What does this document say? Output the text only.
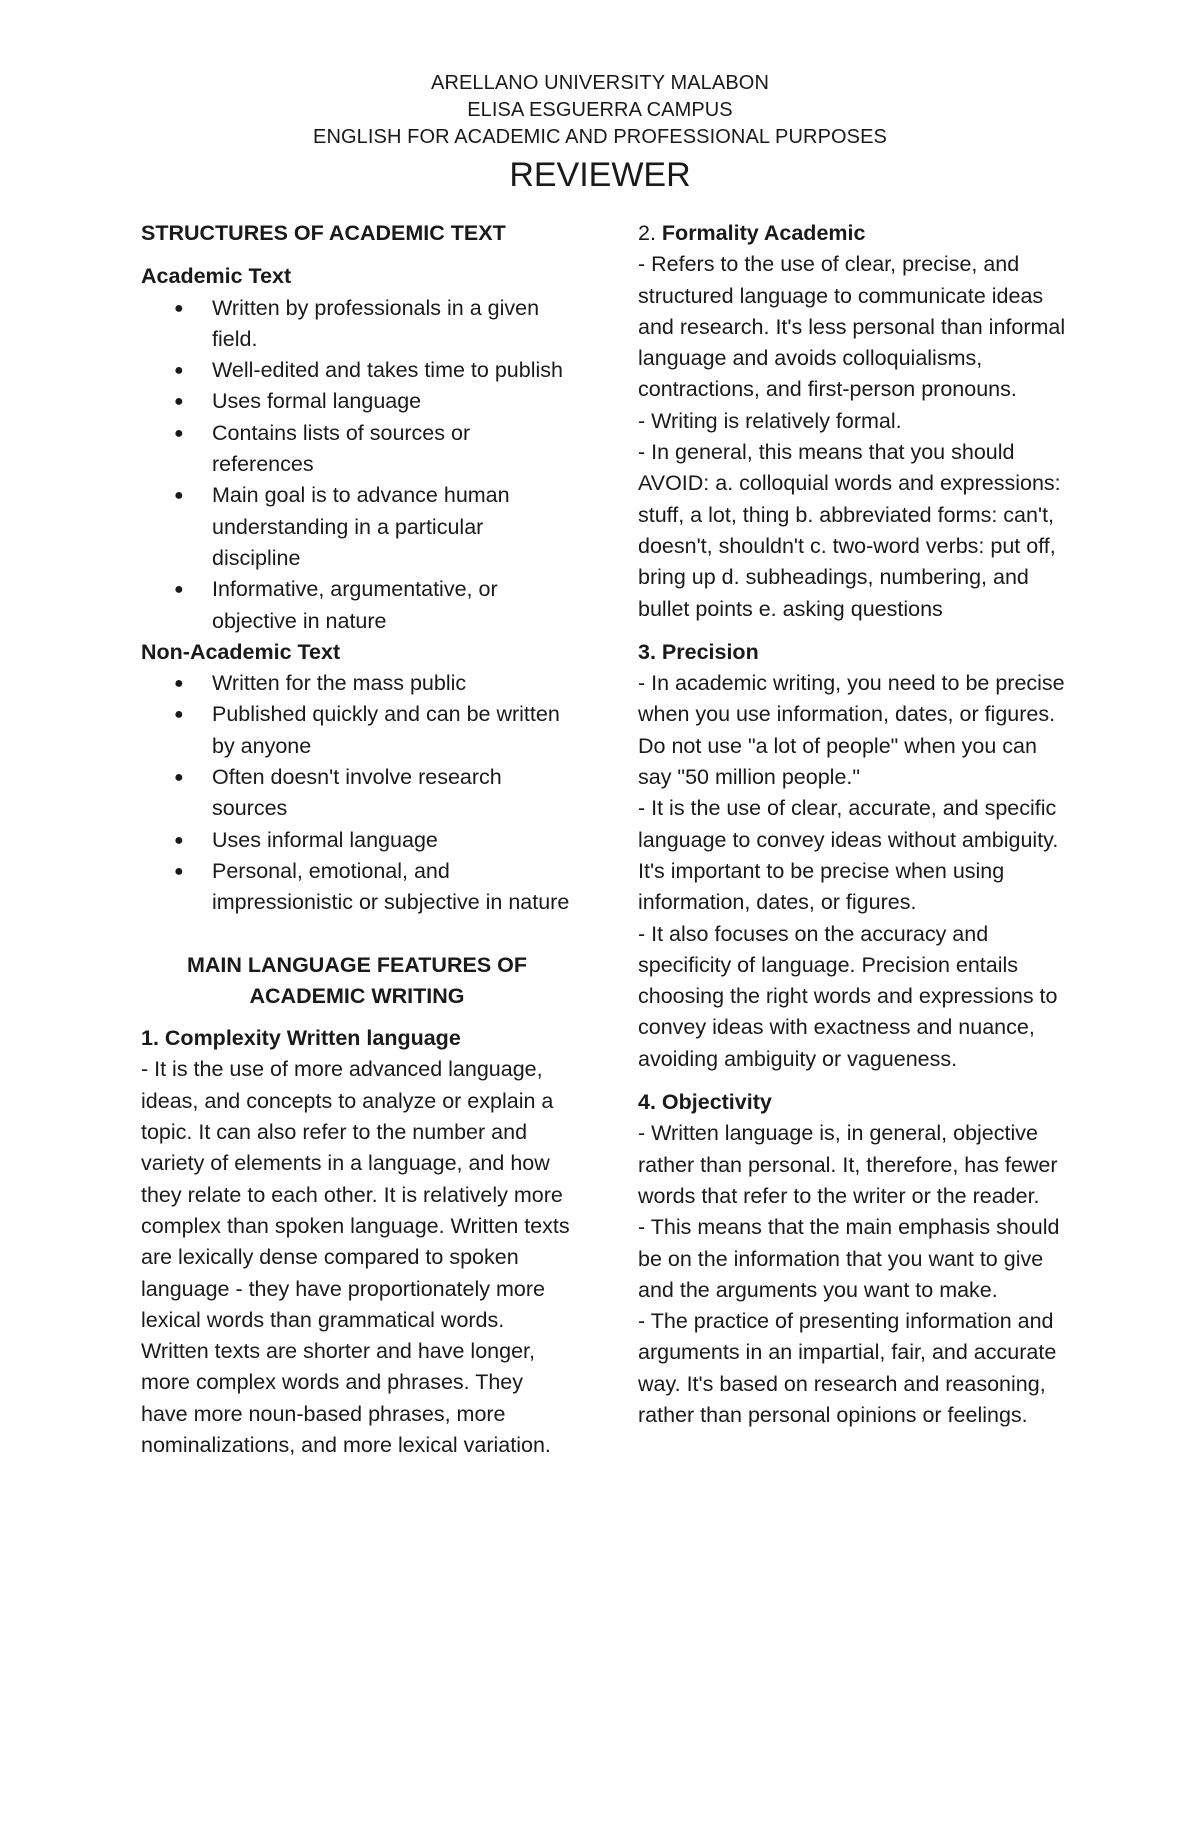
ARELLANO UNIVERSITY MALABON
ELISA ESGUERRA CAMPUS
ENGLISH FOR ACADEMIC AND PROFESSIONAL PURPOSES
REVIEWER
STRUCTURES OF ACADEMIC TEXT
Academic Text
● Written by professionals in a given field.
● Well-edited and takes time to publish
● Uses formal language
● Contains lists of sources or references
● Main goal is to advance human understanding in a particular discipline
● Informative, argumentative, or objective in nature
Non-Academic Text
● Written for the mass public
● Published quickly and can be written by anyone
● Often doesn't involve research sources
● Uses informal language
● Personal, emotional, and impressionistic or subjective in nature
MAIN LANGUAGE FEATURES OF ACADEMIC WRITING
1. Complexity Written language

- It is the use of more advanced language, ideas, and concepts to analyze or explain a topic. It can also refer to the number and variety of elements in a language, and how they relate to each other. It is relatively more complex than spoken language. Written texts are lexically dense compared to spoken language - they have proportionately more lexical words than grammatical words. Written texts are shorter and have longer, more complex words and phrases. They have more noun-based phrases, more nominalizations, and more lexical variation.

2. Formality Academic

- Refers to the use of clear, precise, and structured language to communicate ideas and research. It's less personal than informal language and avoids colloquialisms, contractions, and first-person pronouns.

- Writing is relatively formal.

- In general, this means that you should AVOID: a. colloquial words and expressions: stuff, a lot, thing b. abbreviated forms: can't, doesn't, shouldn't c. two-word verbs: put off, bring up d. subheadings, numbering, and bullet points e. asking questions

3. Precision

- In academic writing, you need to be precise when you use information, dates, or figures. Do not use "a lot of people" when you can say "50 million people."

- It is the use of clear, accurate, and specific language to convey ideas without ambiguity. It's important to be precise when using information, dates, or figures.

- It also focuses on the accuracy and specificity of language. Precision entails choosing the right words and expressions to convey ideas with exactness and nuance, avoiding ambiguity or vagueness.

4. Objectivity

- Written language is, in general, objective rather than personal. It, therefore, has fewer words that refer to the writer or the reader.

- This means that the main emphasis should be on the information that you want to give and the arguments you want to make.

- The practice of presenting information and arguments in an impartial, fair, and accurate way. It's based on research and reasoning, rather than personal opinions or feelings.
